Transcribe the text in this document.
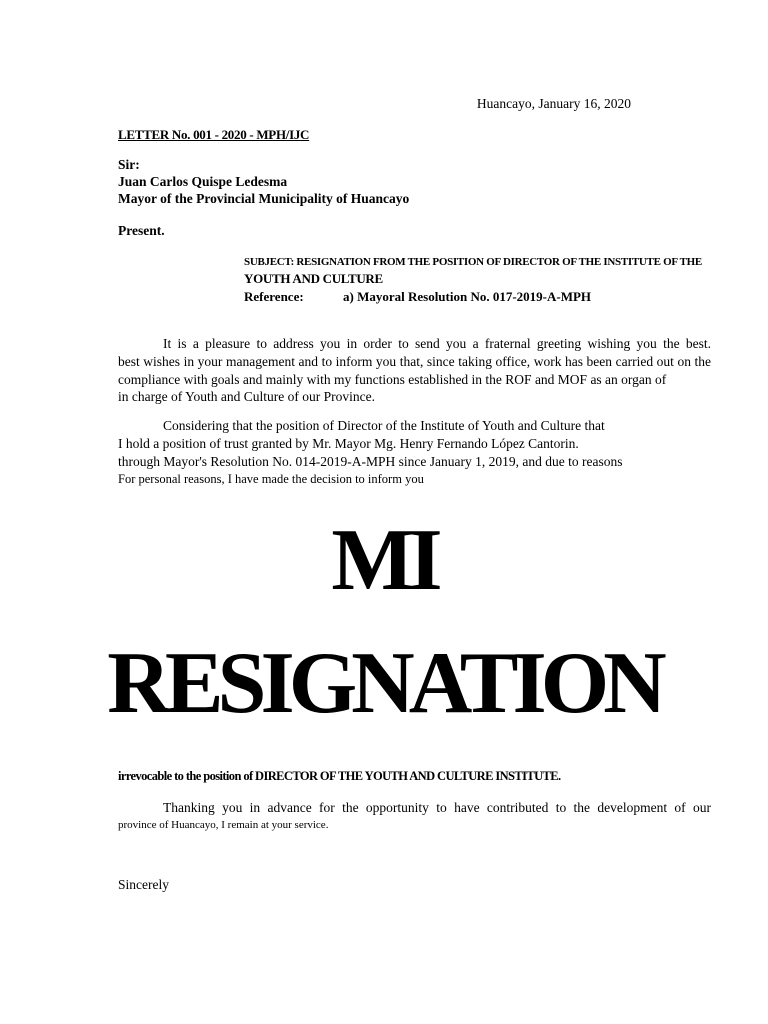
Huancayo, January 16, 2020
LETTER No. 001 - 2020 - MPH/IJC
Sir:
Juan Carlos Quispe Ledesma
Mayor of the Provincial Municipality of Huancayo
Present.
SUBJECT: RESIGNATION FROM THE POSITION OF DIRECTOR OF THE INSTITUTE OF THE
YOUTH AND CULTURE
Reference:	a) Mayoral Resolution No. 017-2019-A-MPH
It is a pleasure to address you in order to send you a fraternal greeting wishing you the best.
best wishes in your management and to inform you that, since taking office, work has been carried out on the
compliance with goals and mainly with my functions established in the ROF and MOF as an organ of
in charge of Youth and Culture of our Province.
Considering that the position of Director of the Institute of Youth and Culture that
I hold a position of trust granted by Mr. Mayor Mg. Henry Fernando López Cantorin.
through Mayor's Resolution No. 014-2019-A-MPH since January 1, 2019, and due to reasons
For personal reasons, I have made the decision to inform you
MI
RESIGNATION
irrevocable to the position of DIRECTOR OF THE YOUTH AND CULTURE INSTITUTE.
Thanking you in advance for the opportunity to have contributed to the development of our
province of Huancayo, I remain at your service.
Sincerely
